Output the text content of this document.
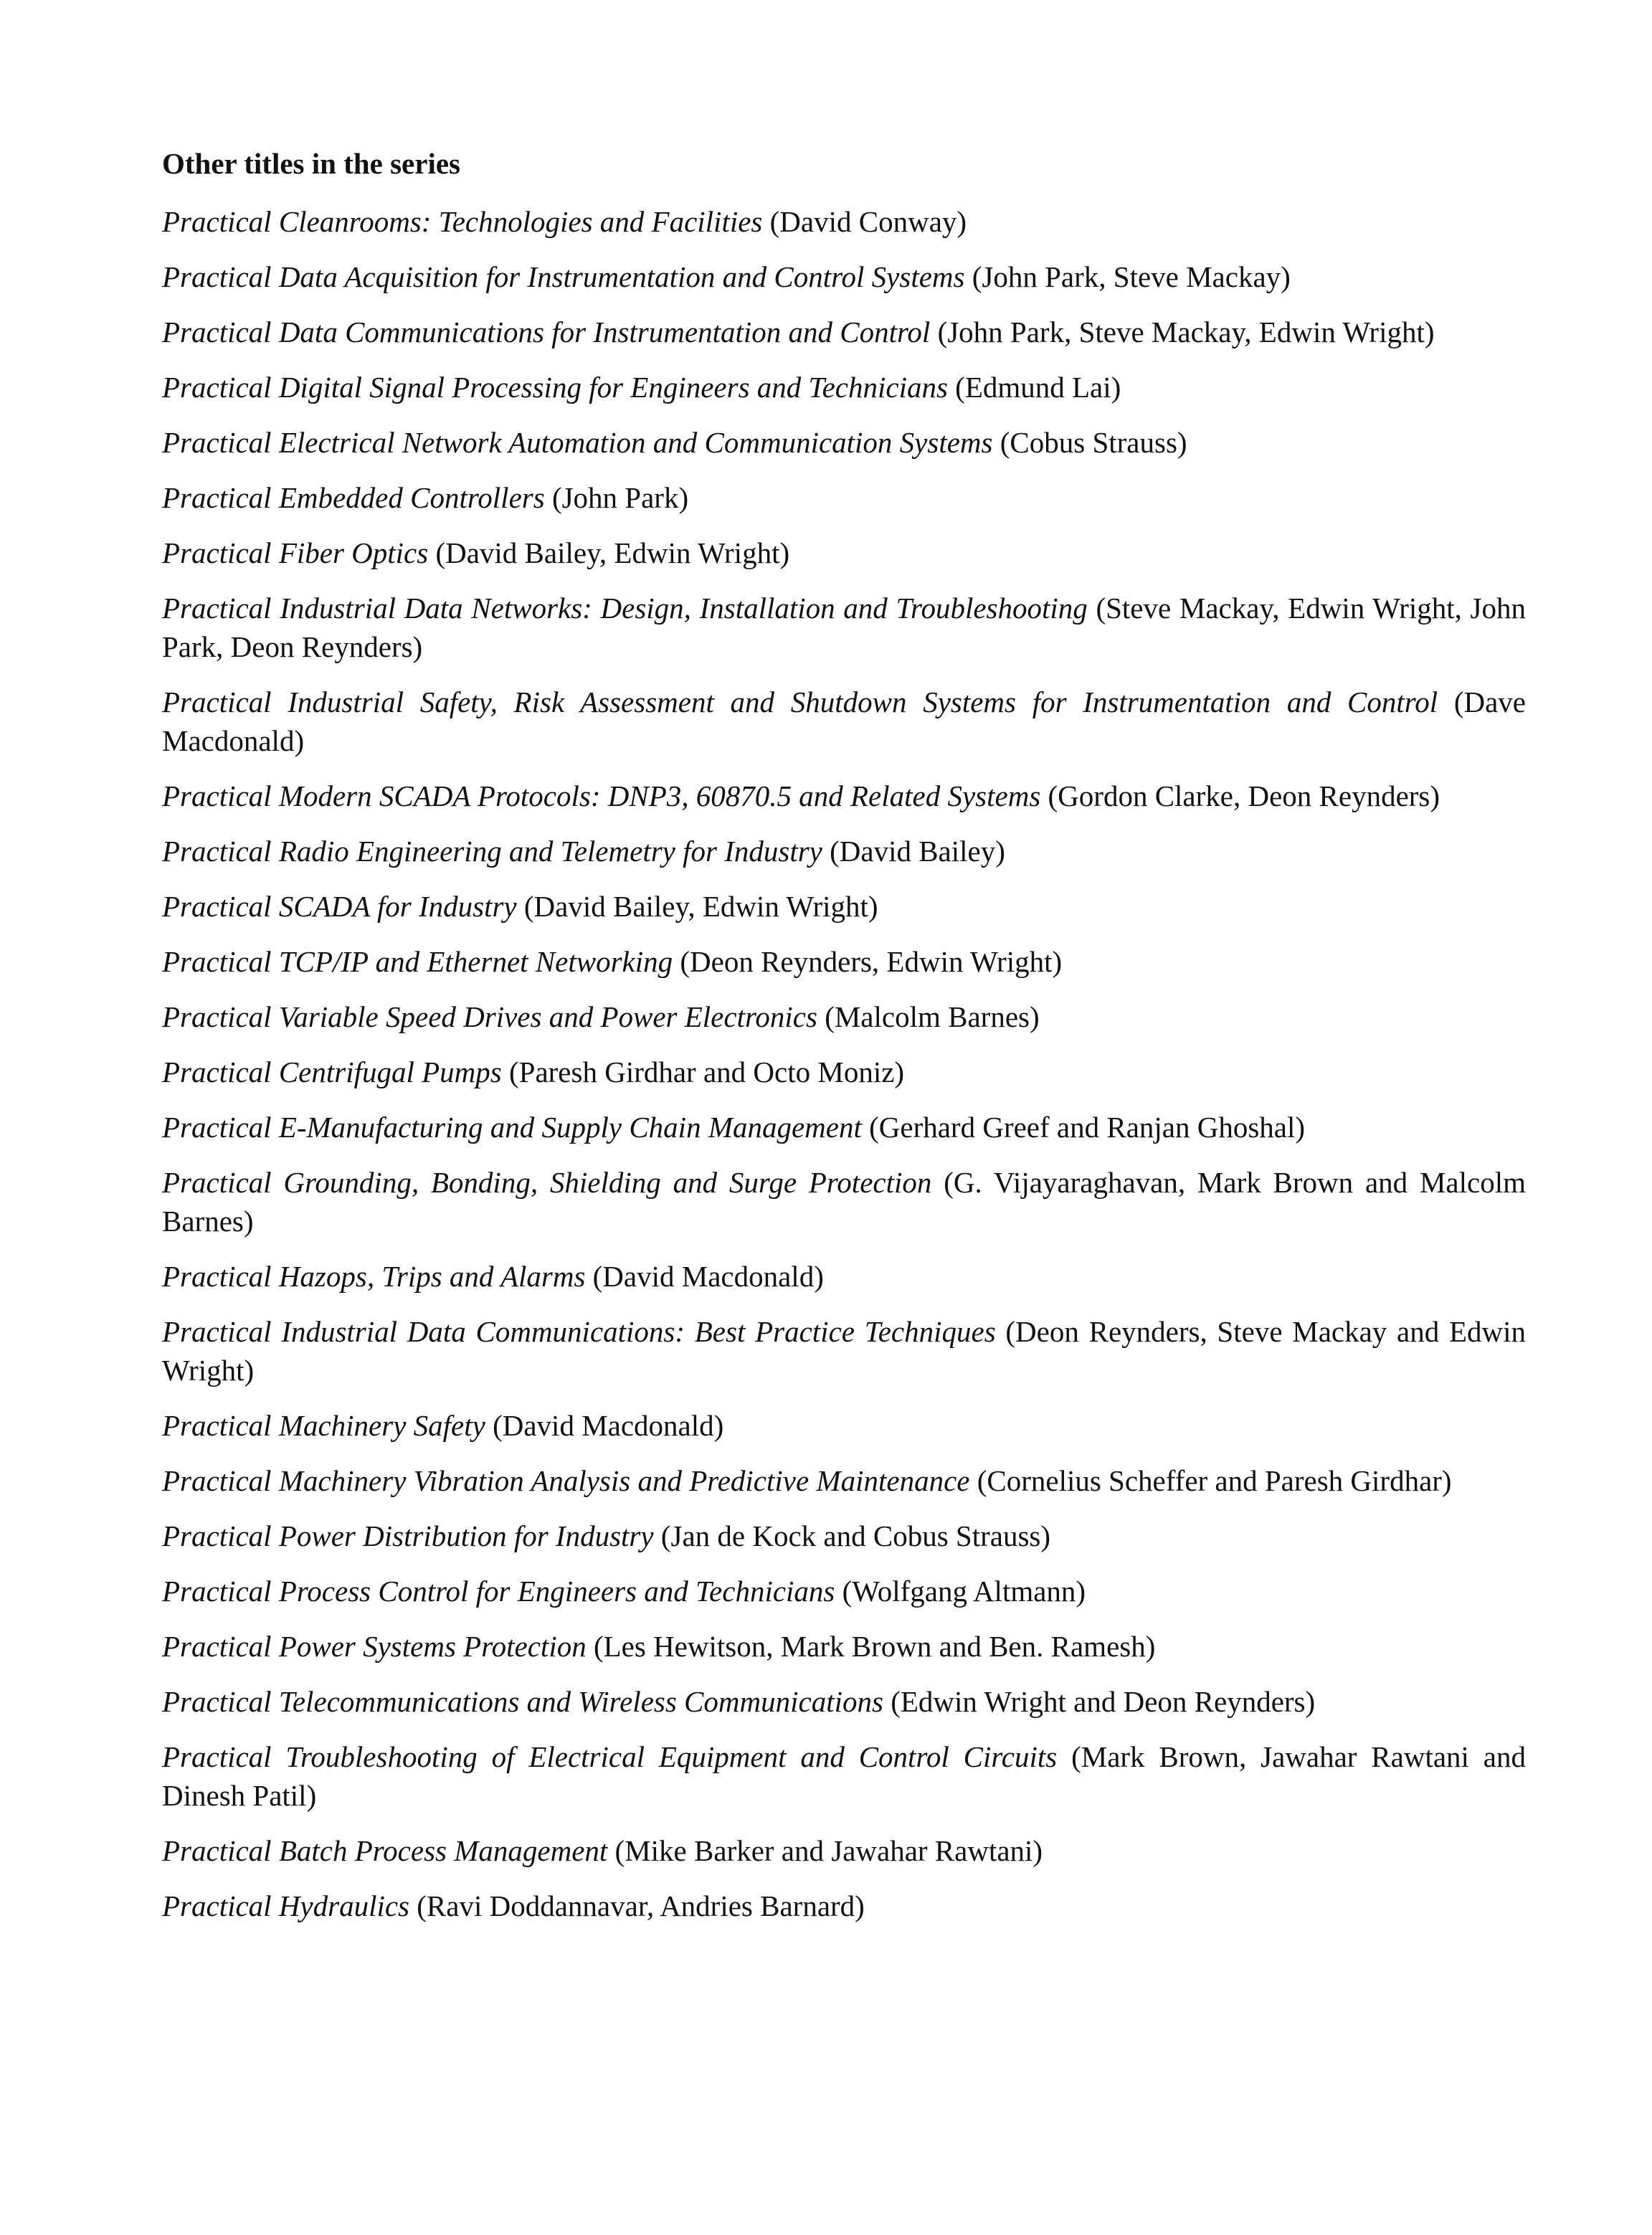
Other titles in the series

Practical Cleanrooms: Technologies and Facilities (David Conway)

Practical Data Acquisition for Instrumentation and Control Systems (John Park, Steve Mackay)

Practical Data Communications for Instrumentation and Control (John Park, Steve Mackay, Edwin Wright)

Practical Digital Signal Processing for Engineers and Technicians (Edmund Lai)

Practical Electrical Network Automation and Communication Systems (Cobus Strauss)

Practical Embedded Controllers (John Park)

Practical Fiber Optics (David Bailey, Edwin Wright)

Practical Industrial Data Networks: Design, Installation and Troubleshooting (Steve Mackay, Edwin Wright, John Park, Deon Reynders)

Practical Industrial Safety, Risk Assessment and Shutdown Systems for Instrumentation and Control (Dave Macdonald)

Practical Modern SCADA Protocols: DNP3, 60870.5 and Related Systems (Gordon Clarke, Deon Reynders)

Practical Radio Engineering and Telemetry for Industry (David Bailey)

Practical SCADA for Industry (David Bailey, Edwin Wright)

Practical TCP/IP and Ethernet Networking (Deon Reynders, Edwin Wright)

Practical Variable Speed Drives and Power Electronics (Malcolm Barnes)

Practical Centrifugal Pumps (Paresh Girdhar and Octo Moniz)

Practical E-Manufacturing and Supply Chain Management (Gerhard Greef and Ranjan Ghoshal)

Practical Grounding, Bonding, Shielding and Surge Protection (G. Vijayaraghavan, Mark Brown and Malcolm Barnes)

Practical Hazops, Trips and Alarms (David Macdonald)

Practical Industrial Data Communications: Best Practice Techniques (Deon Reynders, Steve Mackay and Edwin Wright)

Practical Machinery Safety (David Macdonald)

Practical Machinery Vibration Analysis and Predictive Maintenance (Cornelius Scheffer and Paresh Girdhar)

Practical Power Distribution for Industry (Jan de Kock and Cobus Strauss)

Practical Process Control for Engineers and Technicians (Wolfgang Altmann)

Practical Power Systems Protection (Les Hewitson, Mark Brown and Ben. Ramesh)

Practical Telecommunications and Wireless Communications (Edwin Wright and Deon Reynders)

Practical Troubleshooting of Electrical Equipment and Control Circuits (Mark Brown, Jawahar Rawtani and Dinesh Patil)

Practical Batch Process Management (Mike Barker and Jawahar Rawtani)

Practical Hydraulics (Ravi Doddannavar, Andries Barnard)
